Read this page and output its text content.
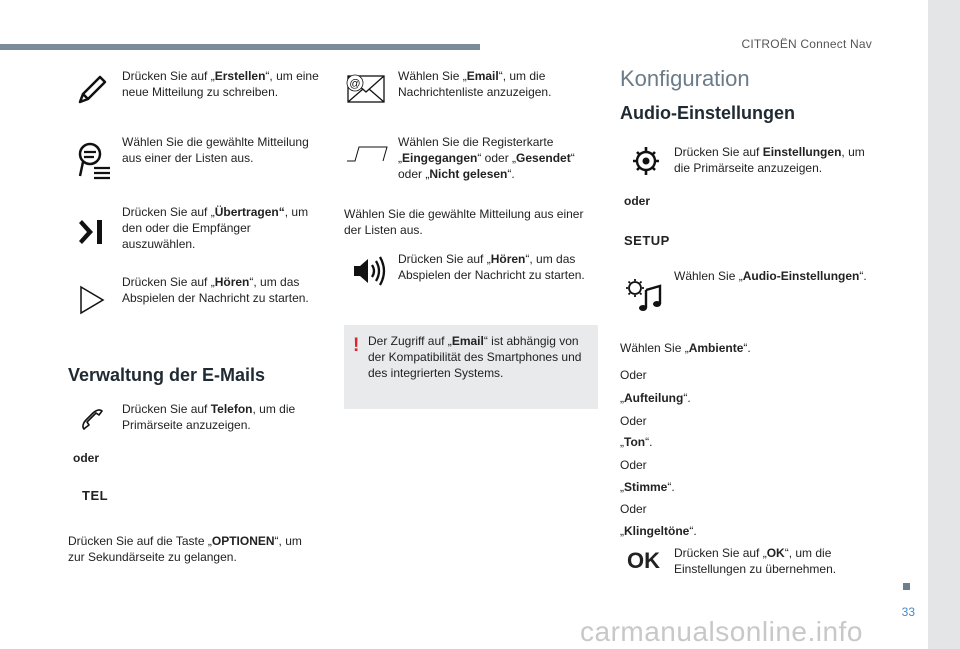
CITROËN Connect Nav
33
Drücken Sie auf „Erstellen“, um eine neue Mitteilung zu schreiben.
Wählen Sie die gewählte Mitteilung aus einer der Listen aus.
Drücken Sie auf „Übertragen“, um den oder die Empfänger auszuwählen.
Drücken Sie auf „Hören“, um das Abspielen der Nachricht zu starten.
Verwaltung der E-Mails
Drücken Sie auf Telefon, um die Primärseite anzuzeigen.
oder
TEL
Drücken Sie auf die Taste „OPTIONEN“, um zur Sekundärseite zu gelangen.
@
Wählen Sie „Email“, um die Nachrichtenliste anzuzeigen.
Wählen Sie die Registerkarte „Eingegangen“ oder „Gesendet“ oder „Nicht gelesen“.
Wählen Sie die gewählte Mitteilung aus einer der Listen aus.
Drücken Sie auf „Hören“, um das Abspielen der Nachricht zu starten.
! Der Zugriff auf „Email“ ist abhängig von der Kompatibilität des Smartphones und des integrierten Systems.
Konfiguration
Audio-Einstellungen
Drücken Sie auf Einstellungen, um die Primärseite anzuzeigen.
oder
SETUP
Wählen Sie „Audio-Einstellungen“.
Wählen Sie „Ambiente“.
Oder
„Aufteilung“.
Oder
„Ton“.
Oder
„Stimme“.
Oder
„Klingeltöne“.
OK Drücken Sie auf „OK“, um die Einstellungen zu übernehmen.
carmanualsonline.info
